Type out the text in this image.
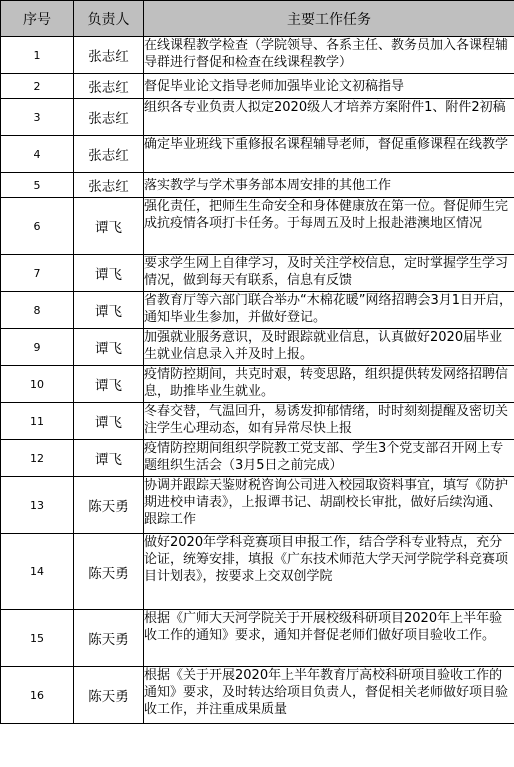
序号	负责人	主要工作任务
1	张志红	在线课程教学检查（学院领导、各系主任、教务员加入各课程辅导群进行督促和检查在线课程教学）
2	张志红	督促毕业论文指导老师加强毕业论文初稿指导
3	张志红	组织各专业负责人拟定2020级人才培养方案附件1、附件2初稿
4	张志红	确定毕业班线下重修报名课程辅导老师，督促重修课程在线教学
5	张志红	落实教学与学术事务部本周安排的其他工作
6	谭飞	强化责任，把师生生命安全和身体健康放在第一位。督促师生完成抗疫情各项打卡任务。于每周五及时上报赴港澳地区情况
7	谭飞	要求学生网上自律学习，及时关注学校信息，定时掌握学生学习情况，做到每天有联系，信息有反馈
8	谭飞	省教育厅等六部门联合举办“木棉花暖”网络招聘会3月1日开启，通知毕业生参加，并做好登记。
9	谭飞	加强就业服务意识，及时跟踪就业信息，认真做好2020届毕业生就业信息录入并及时上报。
10	谭飞	疫情防控期间，共克时艰，转变思路，组织提供转发网络招聘信息，助推毕业生就业。
11	谭飞	冬春交替，气温回升，易诱发抑郁情绪，时时刻刻提醒及密切关注学生心理动态，如有异常尽快上报
12	谭飞	疫情防控期间组织学院教工党支部、学生3个党支部召开网上专题组织生活会（3月5日之前完成）
13	陈天勇	协调并跟踪天鉴财税咨询公司进入校园取资料事宜，填写《防护期进校申请表》，上报谭书记、胡副校长审批，做好后续沟通、跟踪工作
14	陈天勇	做好2020年学科竞赛项目申报工作，结合学科专业特点，充分论证，统筹安排，填报《广东技术师范大学天河学院学科竞赛项目计划表》，按要求上交双创学院
15	陈天勇	根据《广师大天河学院关于开展校级科研项目2020年上半年验收工作的通知》要求，通知并督促老师们做好项目验收工作。
16	陈天勇	根据《关于开展2020年上半年教育厅高校科研项目验收工作的通知》要求，及时转达给项目负责人，督促相关老师做好项目验收工作，并注重成果质量
